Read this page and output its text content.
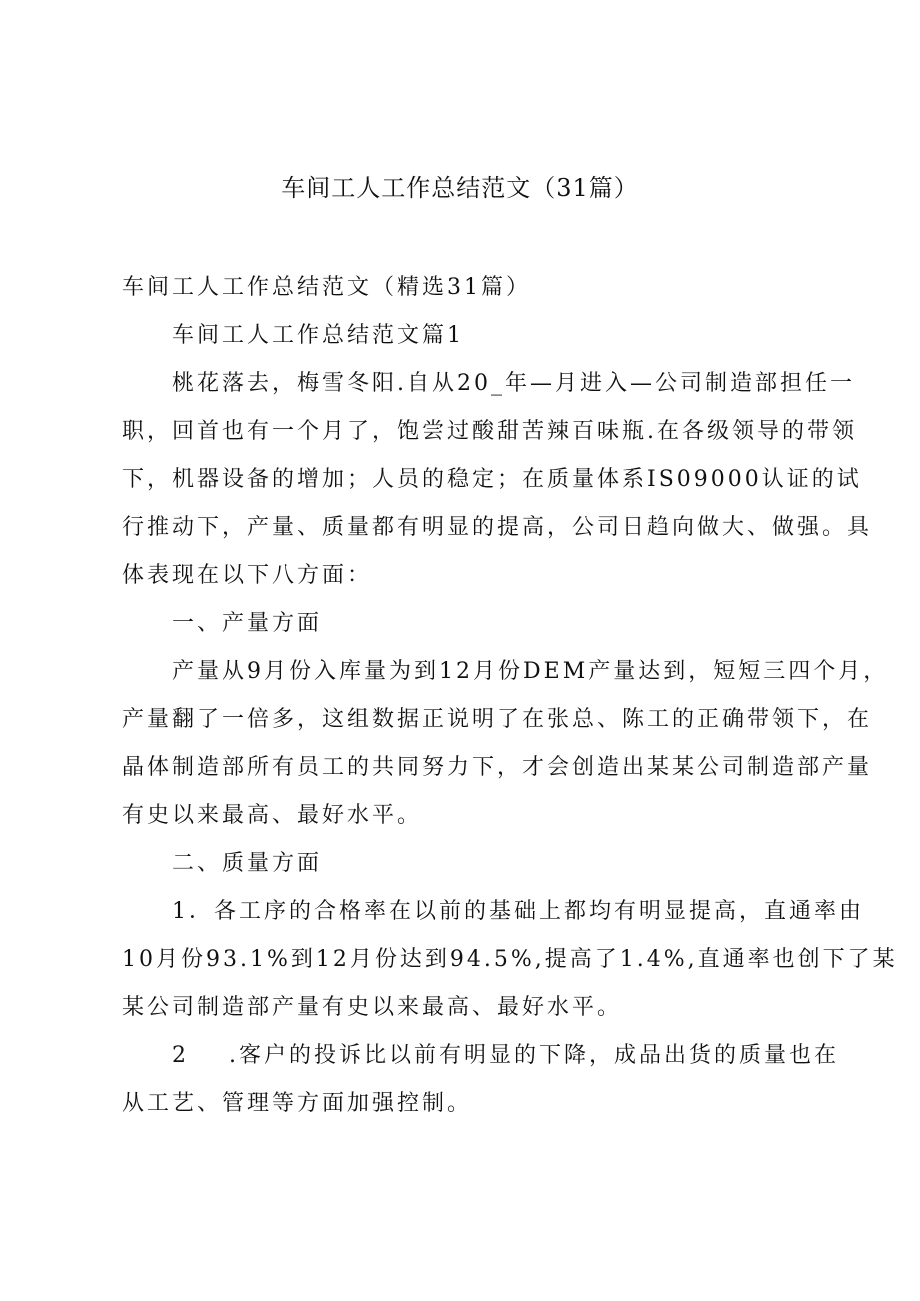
车间工人工作总结范文（31篇）
车间工人工作总结范文（精选31篇）
车间工人工作总结范文篇1
桃花落去，梅雪冬阳.自从20_年—月进入—公司制造部担任一
职，回首也有一个月了，饱尝过酸甜苦辣百味瓶.在各级领导的带领
下，机器设备的增加；人员的稳定；在质量体系IS09000认证的试
行推动下，产量、质量都有明显的提高，公司日趋向做大、做强。具
体表现在以下八方面：
一、产量方面
产量从9月份入库量为到12月份DEM产量达到，短短三四个月，
产量翻了一倍多，这组数据正说明了在张总、陈工的正确带领下，在
晶体制造部所有员工的共同努力下，才会创造出某某公司制造部产量
有史以来最高、最好水平。
二、质量方面
1．各工序的合格率在以前的基础上都均有明显提高，直通率由
10月份93.1%到12月份达到94.5%,提高了1.4%,直通率也创下了某
某公司制造部产量有史以来最高、最好水平。
2 .客户的投诉比以前有明显的下降，成品出货的质量也在
从工艺、管理等方面加强控制。
